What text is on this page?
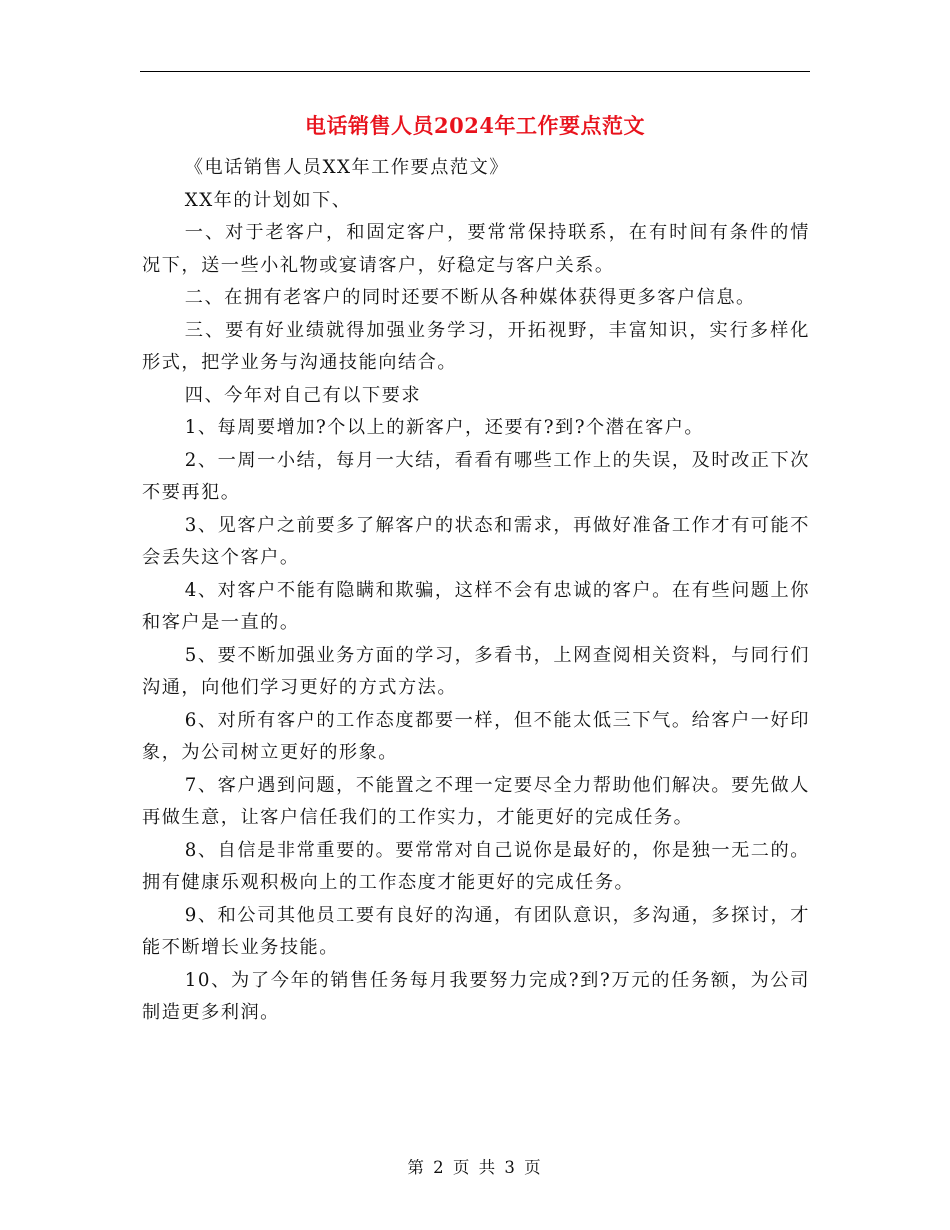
电话销售人员2024年工作要点范文

《电话销售人员XX年工作要点范文》

XX年的计划如下、

一、对于老客户，和固定客户，要常常保持联系，在有时间有条件的情况下，送一些小礼物或宴请客户，好稳定与客户关系。

二、在拥有老客户的同时还要不断从各种媒体获得更多客户信息。

三、要有好业绩就得加强业务学习，开拓视野，丰富知识，实行多样化形式，把学业务与沟通技能向结合。

四、今年对自己有以下要求

1、每周要增加?个以上的新客户，还要有?到?个潜在客户。

2、一周一小结，每月一大结，看看有哪些工作上的失误，及时改正下次不要再犯。

3、见客户之前要多了解客户的状态和需求，再做好准备工作才有可能不会丢失这个客户。

4、对客户不能有隐瞒和欺骗，这样不会有忠诚的客户。在有些问题上你和客户是一直的。

5、要不断加强业务方面的学习，多看书，上网查阅相关资料，与同行们沟通，向他们学习更好的方式方法。

6、对所有客户的工作态度都要一样，但不能太低三下气。给客户一好印象，为公司树立更好的形象。

7、客户遇到问题，不能置之不理一定要尽全力帮助他们解决。要先做人再做生意，让客户信任我们的工作实力，才能更好的完成任务。

8、自信是非常重要的。要常常对自己说你是最好的，你是独一无二的。拥有健康乐观积极向上的工作态度才能更好的完成任务。

9、和公司其他员工要有良好的沟通，有团队意识，多沟通，多探讨，才能不断增长业务技能。

10、为了今年的销售任务每月我要努力完成?到?万元的任务额，为公司制造更多利润。

第 2 页 共 3 页
